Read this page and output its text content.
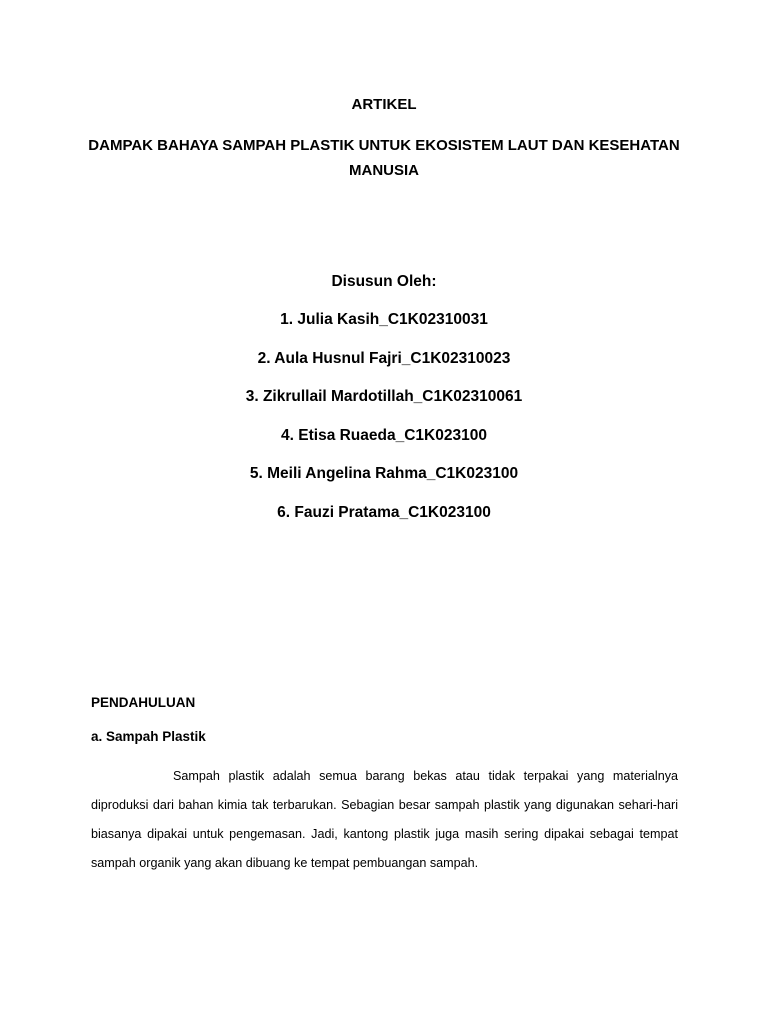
ARTIKEL
DAMPAK BAHAYA SAMPAH PLASTIK UNTUK EKOSISTEM LAUT DAN KESEHATAN MANUSIA
Disusun Oleh:
1. Julia Kasih_C1K02310031
2. Aula Husnul Fajri_C1K02310023
3. Zikrullail Mardotillah_C1K02310061
4. Etisa Ruaeda_C1K023100
5. Meili Angelina Rahma_C1K023100
6. Fauzi Pratama_C1K023100
PENDAHULUAN
a. Sampah Plastik

Sampah plastik adalah semua barang bekas atau tidak terpakai yang materialnya diproduksi dari bahan kimia tak terbarukan. Sebagian besar sampah plastik yang digunakan sehari-hari biasanya dipakai untuk pengemasan. Jadi, kantong plastik juga masih sering dipakai sebagai tempat sampah organik yang akan dibuang ke tempat pembuangan sampah.
